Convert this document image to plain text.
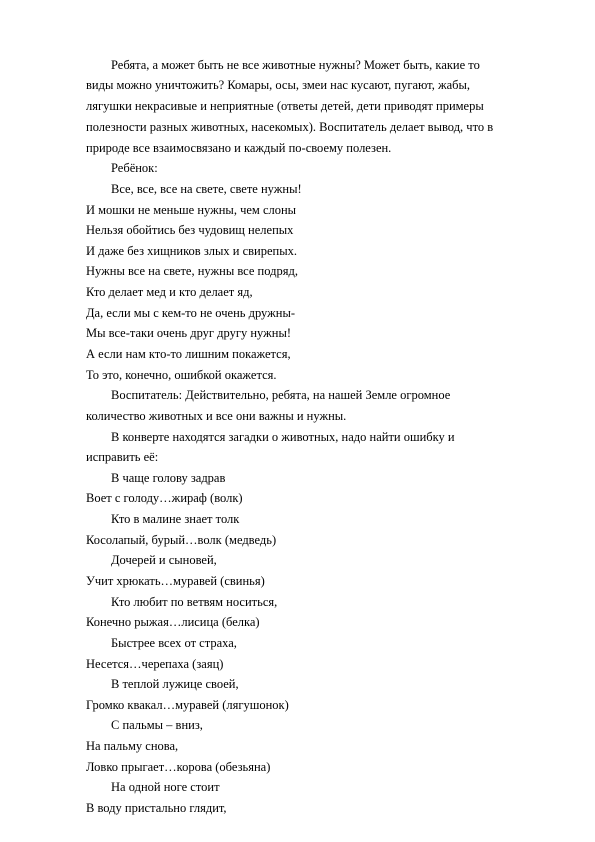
Ребята, а может быть не все животные нужны? Может быть, какие то
виды можно уничтожить? Комары, осы, змеи нас кусают, пугают, жабы,
лягушки некрасивые и неприятные (ответы детей, дети приводят примеры
полезности разных животных, насекомых). Воспитатель делает вывод, что в
природе все взаимосвязано и каждый по-своему полезен.
Ребёнок:
Все, все, все на свете, свете нужны!
И мошки не меньше нужны, чем слоны
Нельзя обойтись без чудовищ нелепых
И даже без хищников злых и свирепых.
Нужны все на свете, нужны все подряд,
Кто делает мед и кто делает яд,
Да, если мы с кем-то не очень дружны-
Мы все-таки очень друг другу нужны!
А если нам кто-то лишним покажется,
То это, конечно, ошибкой окажется.
Воспитатель: Действительно, ребята, на нашей Земле огромное
количество животных и все они важны и нужны.
В конверте находятся загадки о животных, надо найти ошибку и
исправить её:
В чаще голову задрав
Воет с голоду…жираф (волк)
Кто в малине знает толк
Косолапый, бурый…волк (медведь)
Дочерей и сыновей,
Учит хрюкать…муравей (свинья)
Кто любит по ветвям носиться,
Конечно рыжая…лисица (белка)
Быстрее всех от страха,
Несется…черепаха (заяц)
В теплой лужице своей,
Громко квакал…муравей (лягушонок)
С пальмы – вниз,
На пальму снова,
Ловко прыгает…корова (обезьяна)
На одной ноге стоит
В воду пристально глядит,
